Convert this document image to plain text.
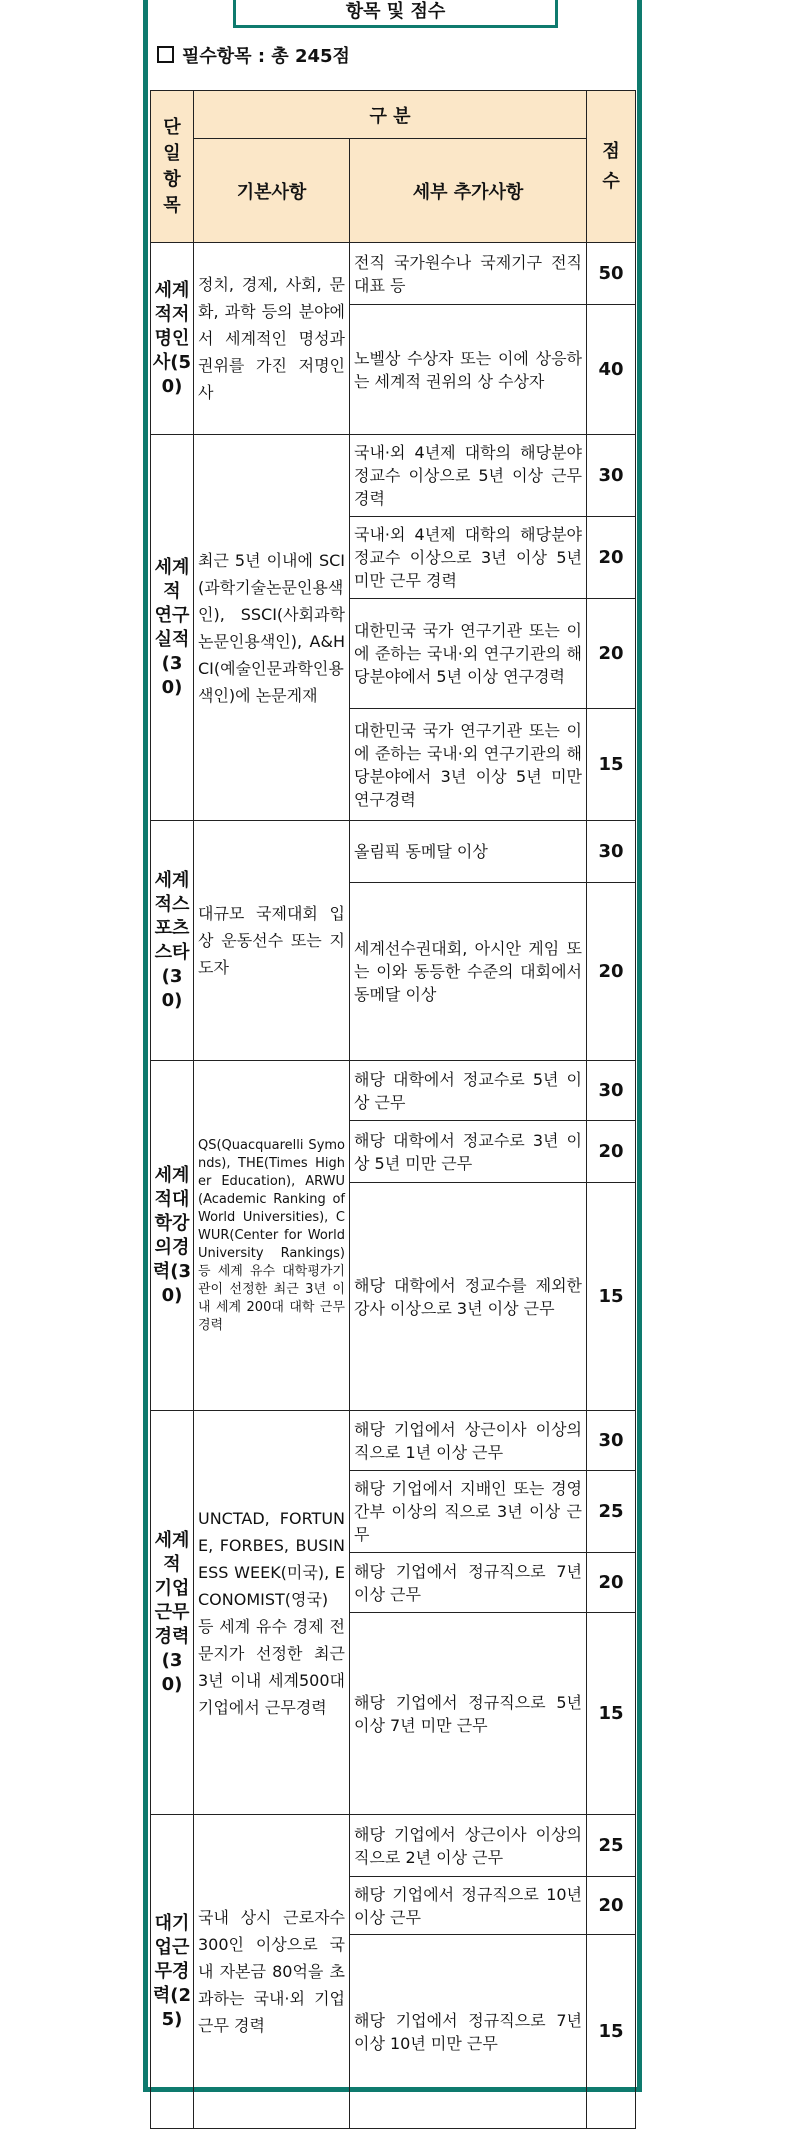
항목 및 점수
필수항목 : 총 245점
단일항목	구 분		점수

	기본사항	세부 추가사항	
세계적저명인사(50)	정치, 경제, 사회, 문화, 과학 등의 분야에서 세계적인 명성과 권위를 가진 저명인사	전직 국가원수나 국제기구 전직대표 등	50
		노벨상 수상자 또는 이에 상응하는 세계적 권위의 상 수상자	40
세계적 연구실적 (30)	최근 5년 이내에 SCI(과학기술논문인용색인), SSCI(사회과학논문인용색인), A&HCI(예술인문과학인용색인)에 논문게재	국내·외 4년제 대학의 해당분야 정교수 이상으로 5년 이상 근무 경력	30
		국내·외 4년제 대학의 해당분야 정교수 이상으로 3년 이상 5년 미만 근무 경력	20
		대한민국 국가 연구기관 또는 이에 준하는 국내·외 연구기관의 해당분야에서 5년 이상 연구경력	20
		대한민국 국가 연구기관 또는 이에 준하는 국내·외 연구기관의 해당분야에서 3년 이상 5년 미만 연구경력	15
세계적스포츠스타(30)	대규모 국제대회 입상 운동선수 또는 지도자	올림픽 동메달 이상	30
		세계선수권대회, 아시안 게임 또는 이와 동등한 수준의 대회에서 동메달 이상	20
세계적대학강의경력(30)	QS(Quacquarelli Symonds), THE(Times Higher Education), ARWU(Academic Ranking of World Universities), CWUR(Center for World University Rankings) 등 세계 유수 대학평가기관이 선정한 최근 3년 이내 세계 200대 대학 근무 경력	해당 대학에서 정교수로 5년 이상 근무	30
		해당 대학에서 정교수로 3년 이상 5년 미만 근무	20
		해당 대학에서 정교수를 제외한 강사 이상으로 3년 이상 근무	15
세계적 기업 근무 경력 (30)	UNCTAD, FORTUNE, FORBES, BUSINESS WEEK(미국), ECONOMIST(영국) 등 세계 유수 경제 전문지가 선정한 최근 3년 이내 세계500대 기업에서 근무경력	해당 기업에서 상근이사 이상의 직으로 1년 이상 근무	30
		해당 기업에서 지배인 또는 경영간부 이상의 직으로 3년 이상 근무	25
		해당 기업에서 정규직으로 7년 이상 근무	20
		해당 기업에서 정규직으로 5년 이상 7년 미만 근무	15
대기업근무경력(25)	국내 상시 근로자수 300인 이상으로 국내 자본금 80억을 초과하는 국내·외 기업 근무 경력	해당 기업에서 상근이사 이상의 직으로 2년 이상 근무	25
		해당 기업에서 정규직으로 10년 이상 근무	20
		해당 기업에서 정규직으로 7년 이상 10년 미만 근무	15
